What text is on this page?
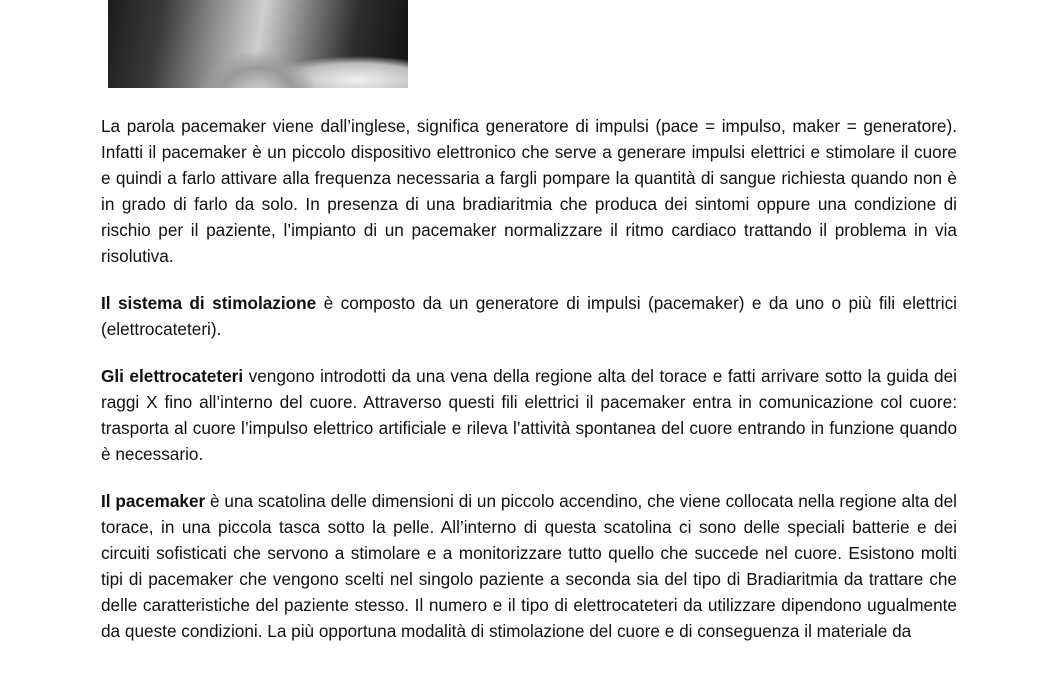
La parola pacemaker viene dall’inglese, significa generatore di impulsi (pace = impulso, maker = generatore). Infatti il pacemaker è un piccolo dispositivo elettronico che serve a generare impulsi elettrici e stimolare il cuore e quindi a farlo attivare alla frequenza necessaria a fargli pompare la quantità di sangue richiesta quando non è in grado di farlo da solo. In presenza di una bradiaritmia che produca dei sintomi oppure una condizione di rischio per il paziente, l’impianto di un pacemaker normalizzare il ritmo cardiaco trattando il problema in via risolutiva.

Il sistema di stimolazione è composto da un generatore di impulsi (pacemaker) e da uno o più fili elettrici (elettrocateteri).

Gli elettrocateteri vengono introdotti da una vena della regione alta del torace e fatti arrivare sotto la guida dei raggi X fino all’interno del cuore. Attraverso questi fili elettrici il pacemaker entra in comunicazione col cuore: trasporta al cuore l’impulso elettrico artificiale e rileva l’attività spontanea del cuore entrando in funzione quando è necessario.

Il pacemaker è una scatolina delle dimensioni di un piccolo accendino, che viene collocata nella regione alta del torace, in una piccola tasca sotto la pelle. All’interno di questa scatolina ci sono delle speciali batterie e dei circuiti sofisticati che servono a stimolare e a monitorizzare tutto quello che succede nel cuore. Esistono molti tipi di pacemaker che vengono scelti nel singolo paziente a seconda sia del tipo di Bradiaritmia da trattare che delle caratteristiche del paziente stesso. Il numero e il tipo di elettrocateteri da utilizzare dipendono ugualmente da queste condizioni. La più opportuna modalità di stimolazione del cuore e di conseguenza il materiale da
